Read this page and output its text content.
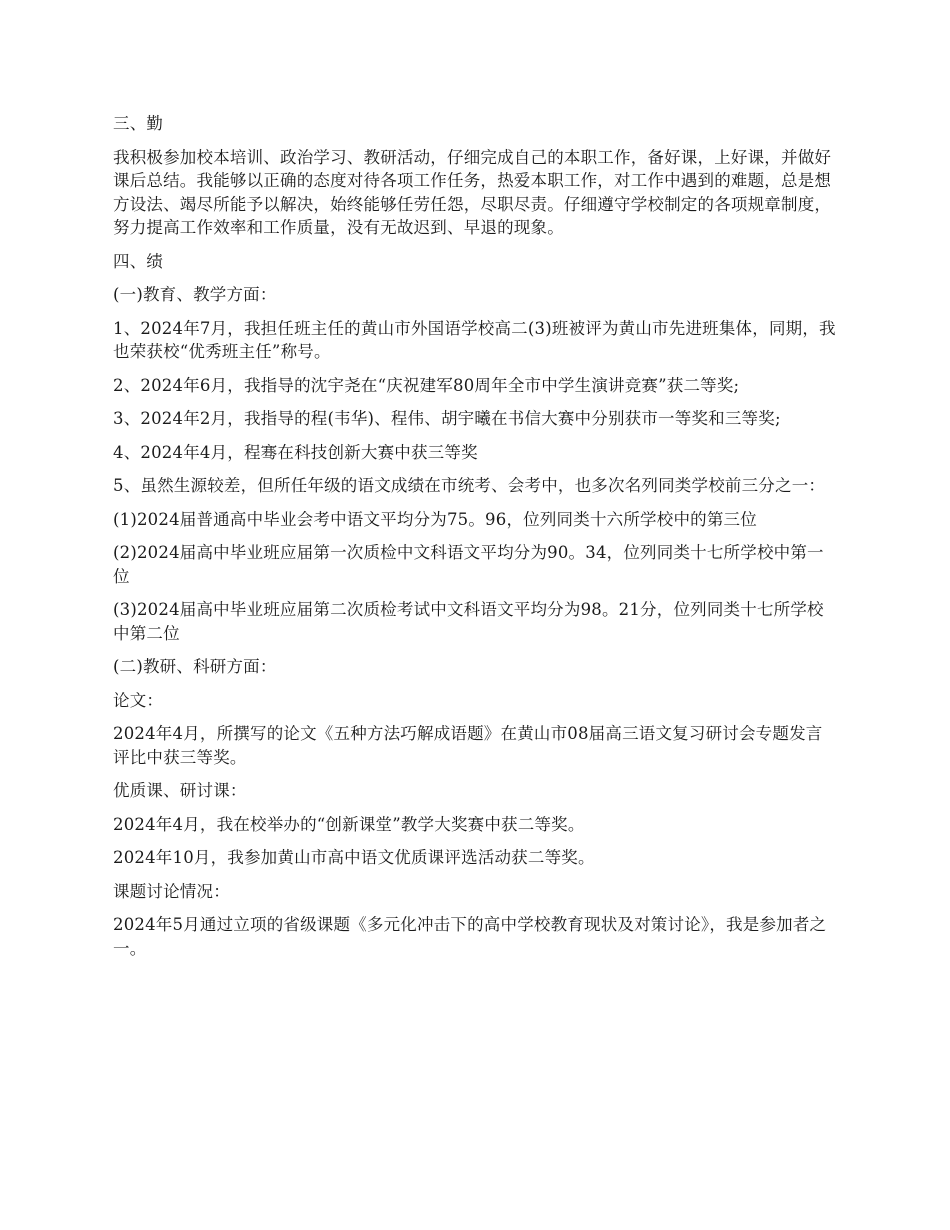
三、勤

我积极参加校本培训、政治学习、教研活动，仔细完成自己的本职工作，备好课，上好课，并做好课后总结。我能够以正确的态度对待各项工作任务，热爱本职工作，对工作中遇到的难题，总是想方设法、竭尽所能予以解决，始终能够任劳任怨，尽职尽责。仔细遵守学校制定的各项规章制度，努力提高工作效率和工作质量，没有无故迟到、早退的现象。

四、绩

(一)教育、教学方面：

1、2024年7月，我担任班主任的黄山市外国语学校高二(3)班被评为黄山市先进班集体，同期，我也荣获校“优秀班主任”称号。

2、2024年6月，我指导的沈宇尧在“庆祝建军80周年全市中学生演讲竞赛”获二等奖;

3、2024年2月，我指导的程(韦华)、程伟、胡宇曦在书信大赛中分别获市一等奖和三等奖;

4、2024年4月，程骞在科技创新大赛中获三等奖

5、虽然生源较差，但所任年级的语文成绩在市统考、会考中，也多次名列同类学校前三分之一：

(1)2024届普通高中毕业会考中语文平均分为75。96，位列同类十六所学校中的第三位

(2)2024届高中毕业班应届第一次质检中文科语文平均分为90。34，位列同类十七所学校中第一位

(3)2024届高中毕业班应届第二次质检考试中文科语文平均分为98。21分，位列同类十七所学校中第二位

(二)教研、科研方面：

论文：

2024年4月，所撰写的论文《五种方法巧解成语题》在黄山市08届高三语文复习研讨会专题发言评比中获三等奖。

优质课、研讨课：

2024年4月，我在校举办的“创新课堂”教学大奖赛中获二等奖。

2024年10月，我参加黄山市高中语文优质课评选活动获二等奖。

课题讨论情况：

2024年5月通过立项的省级课题《多元化冲击下的高中学校教育现状及对策讨论》，我是参加者之一。
